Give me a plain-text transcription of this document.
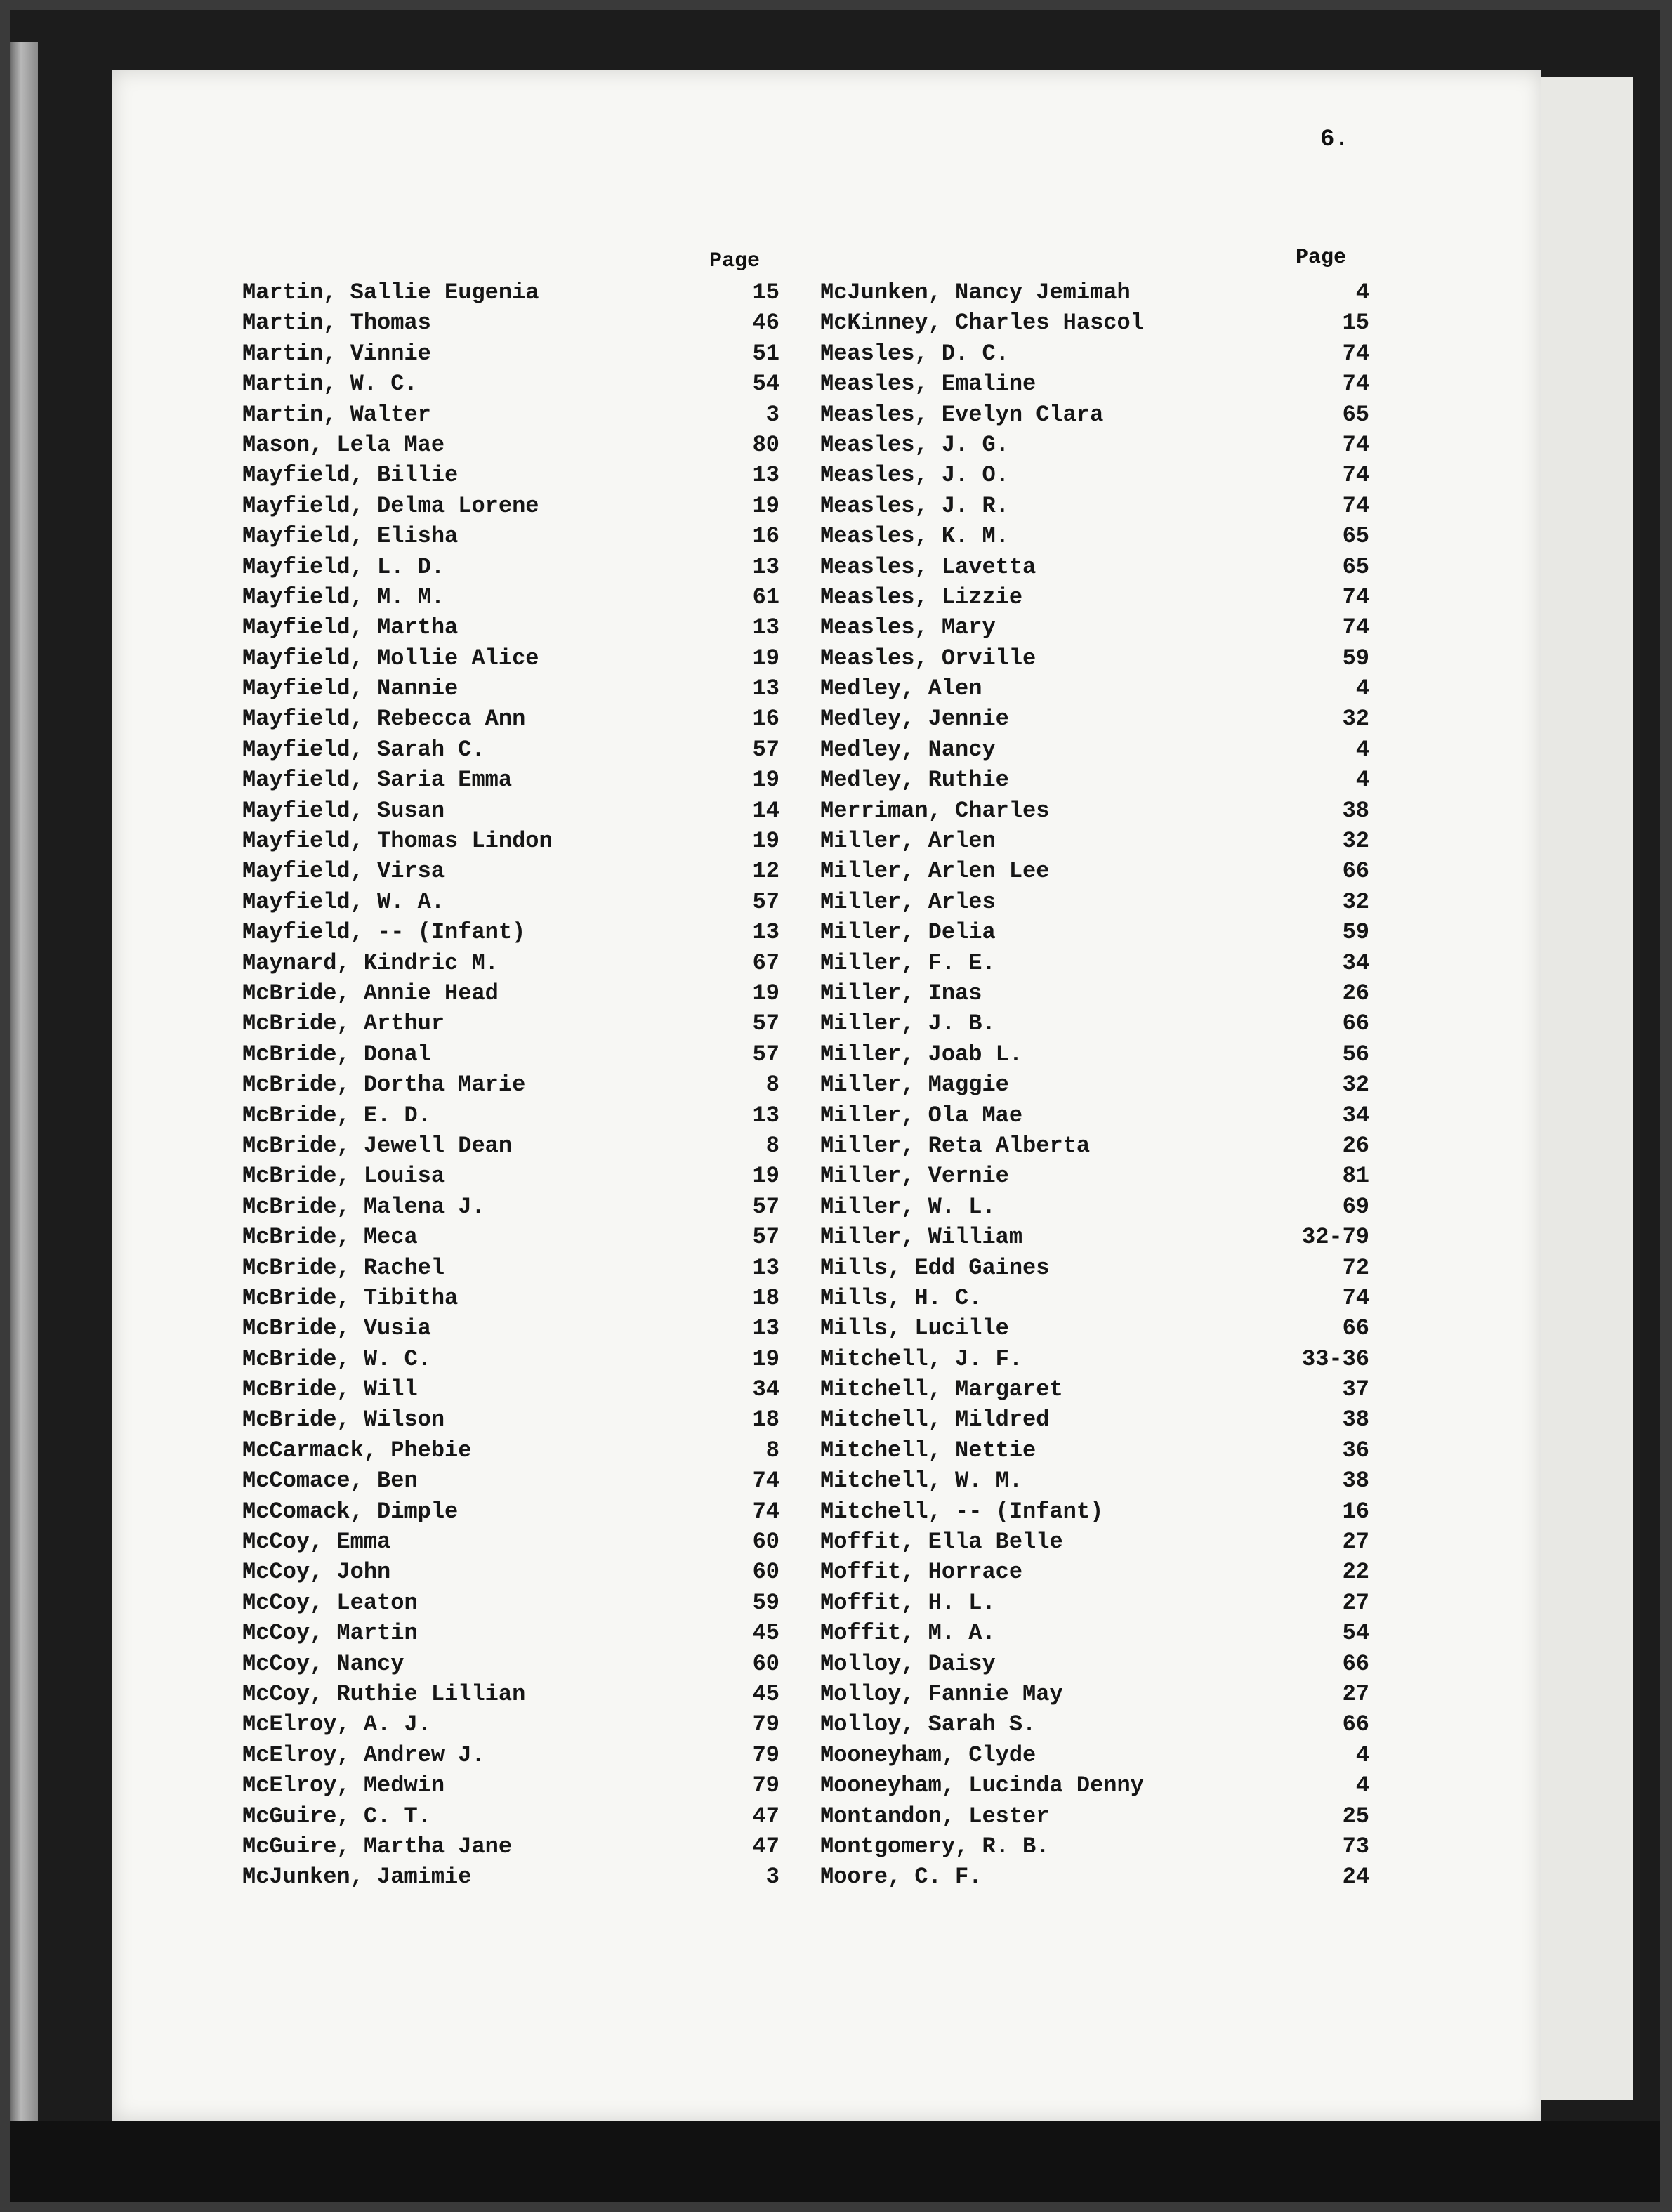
6.
Page	Page
Martin, Sallie Eugenia	15
Martin, Thomas	46
Martin, Vinnie	51
Martin, W. C.	54
Martin, Walter	3
Mason, Lela Mae	80
Mayfield, Billie	13
Mayfield, Delma Lorene	19
Mayfield, Elisha	16
Mayfield, L. D.	13
Mayfield, M. M.	61
Mayfield, Martha	13
Mayfield, Mollie Alice	19
Mayfield, Nannie	13
Mayfield, Rebecca Ann	16
Mayfield, Sarah C.	57
Mayfield, Saria Emma	19
Mayfield, Susan	14
Mayfield, Thomas Lindon	19
Mayfield, Virsa	12
Mayfield, W. A.	57
Mayfield, -- (Infant)	13
Maynard, Kindric M.	67
McBride, Annie Head	19
McBride, Arthur	57
McBride, Donal	57
McBride, Dortha Marie	8
McBride, E. D.	13
McBride, Jewell Dean	8
McBride, Louisa	19
McBride, Malena J.	57
McBride, Meca	57
McBride, Rachel	13
McBride, Tibitha	18
McBride, Vusia	13
McBride, W. C.	19
McBride, Will	34
McBride, Wilson	18
McCarmack, Phebie	8
McComace, Ben	74
McComack, Dimple	74
McCoy, Emma	60
McCoy, John	60
McCoy, Leaton	59
McCoy, Martin	45
McCoy, Nancy	60
McCoy, Ruthie Lillian	45
McElroy, A. J.	79
McElroy, Andrew J.	79
McElroy, Medwin	79
McGuire, C. T.	47
McGuire, Martha Jane	47
McJunken, Jamimie	3
McJunken, Nancy Jemimah	4
McKinney, Charles Hascol	15
Measles, D. C.	74
Measles, Emaline	74
Measles, Evelyn Clara	65
Measles, J. G.	74
Measles, J. O.	74
Measles, J. R.	74
Measles, K. M.	65
Measles, Lavetta	65
Measles, Lizzie	74
Measles, Mary	74
Measles, Orville	59
Medley, Alen	4
Medley, Jennie	32
Medley, Nancy	4
Medley, Ruthie	4
Merriman, Charles	38
Miller, Arlen	32
Miller, Arlen Lee	66
Miller, Arles	32
Miller, Delia	59
Miller, F. E.	34
Miller, Inas	26
Miller, J. B.	66
Miller, Joab L.	56
Miller, Maggie	32
Miller, Ola Mae	34
Miller, Reta Alberta	26
Miller, Vernie	81
Miller, W. L.	69
Miller, William	32-79
Mills, Edd Gaines	72
Mills, H. C.	74
Mills, Lucille	66
Mitchell, J. F.	33-36
Mitchell, Margaret	37
Mitchell, Mildred	38
Mitchell, Nettie	36
Mitchell, W. M.	38
Mitchell, -- (Infant)	16
Moffit, Ella Belle	27
Moffit, Horrace	22
Moffit, H. L.	27
Moffit, M. A.	54
Molloy, Daisy	66
Molloy, Fannie May	27
Molloy, Sarah S.	66
Mooneyham, Clyde	4
Mooneyham, Lucinda Denny	4
Montandon, Lester	25
Montgomery, R. B.	73
Moore, C. F.	24
